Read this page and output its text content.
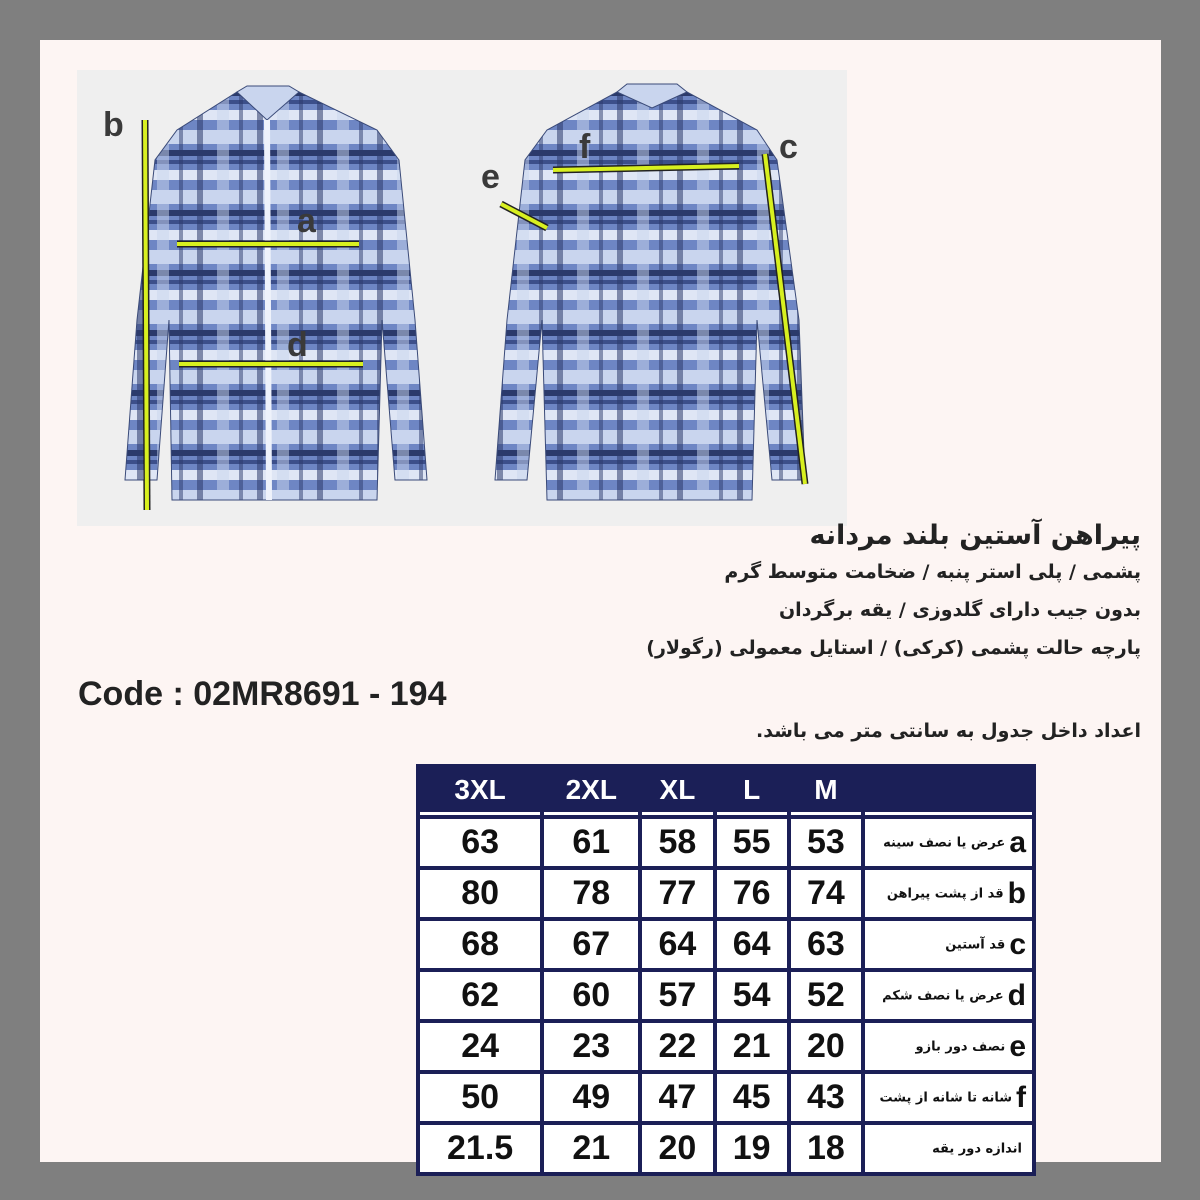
b
a
d
e
f	c

پیراهن آستین بلند مردانه

پشمی / پلی استر پنبه / ضخامت متوسط گرم

بدون جیب دارای گلدوزی / یقه برگردان

پارچه حالت پشمی (کرکی) / استایل معمولی (رگولار)

Code : 02MR8691 - 194
اعداد داخل جدول به سانتی متر می باشد.
3XL	2XL	XL	L	M	
63	61	58	55	53	aعرض یا نصف سینه
80	78	77	76	74	bقد از پشت پیراهن
68	67	64	64	63	cقد آستین
62	60	57	54	52	dعرض یا نصف شکم
24	23	22	21	20	eنصف دور بازو
50	49	47	45	43	fشانه تا شانه از پشت
21.5	21	20	19	18	اندازه دور یقه
